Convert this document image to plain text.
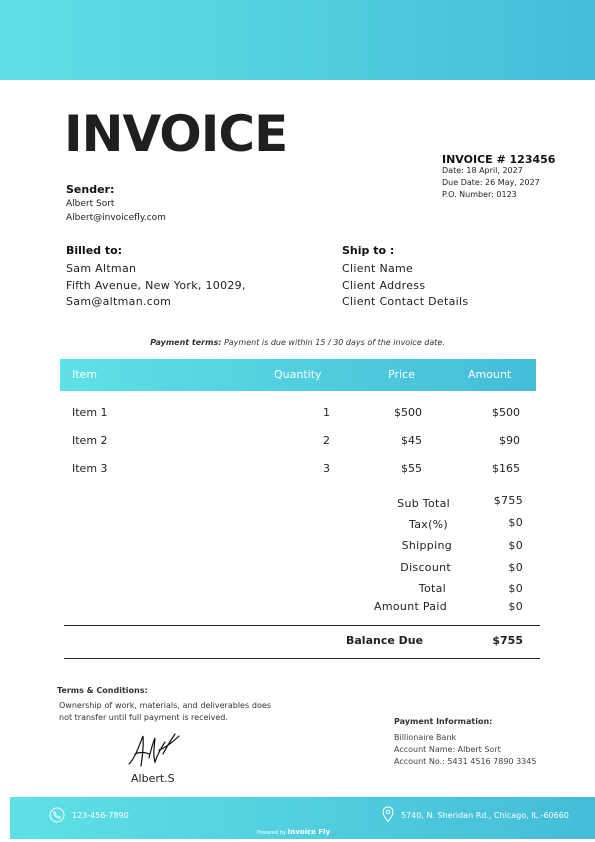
INVOICE	INVOICE # 123456
Date: 18 April, 2027
Due Date: 26 May, 2027
P.O. Number: 0123
Sender:
Albert Sort
Albert@invoicefly.com
Billed to:
Sam Altman
Fifth Avenue, New York, 10029,
Sam@altman.com
Ship to :
Client Name
Client Address
Client Contact Details
Payment terms: Payment is due within 15 / 30 days of the invoice date.
Item	Quantity	Price	Amount
Item 1	1	$500	$500
Item 2	2	$45	$90
Item 3	3	$55	$165
Sub Total	$755
Tax(%)	$0
Shipping	$0
Discount	$0
Total	$0
Amount Paid	$0
Balance Due	$755
Terms & Conditions:
Ownership of work, materials, and deliverables does not transfer until full payment is received.
Albert.S
Payment Information:
Billionaire Bank
Account Name: Albert Sort
Account No.: 5431 4516 7890 3345
123-456-7890	5740, N. Sheridan Rd., Chicago, IL -60660
Powered by Invoice Fly 🛒
